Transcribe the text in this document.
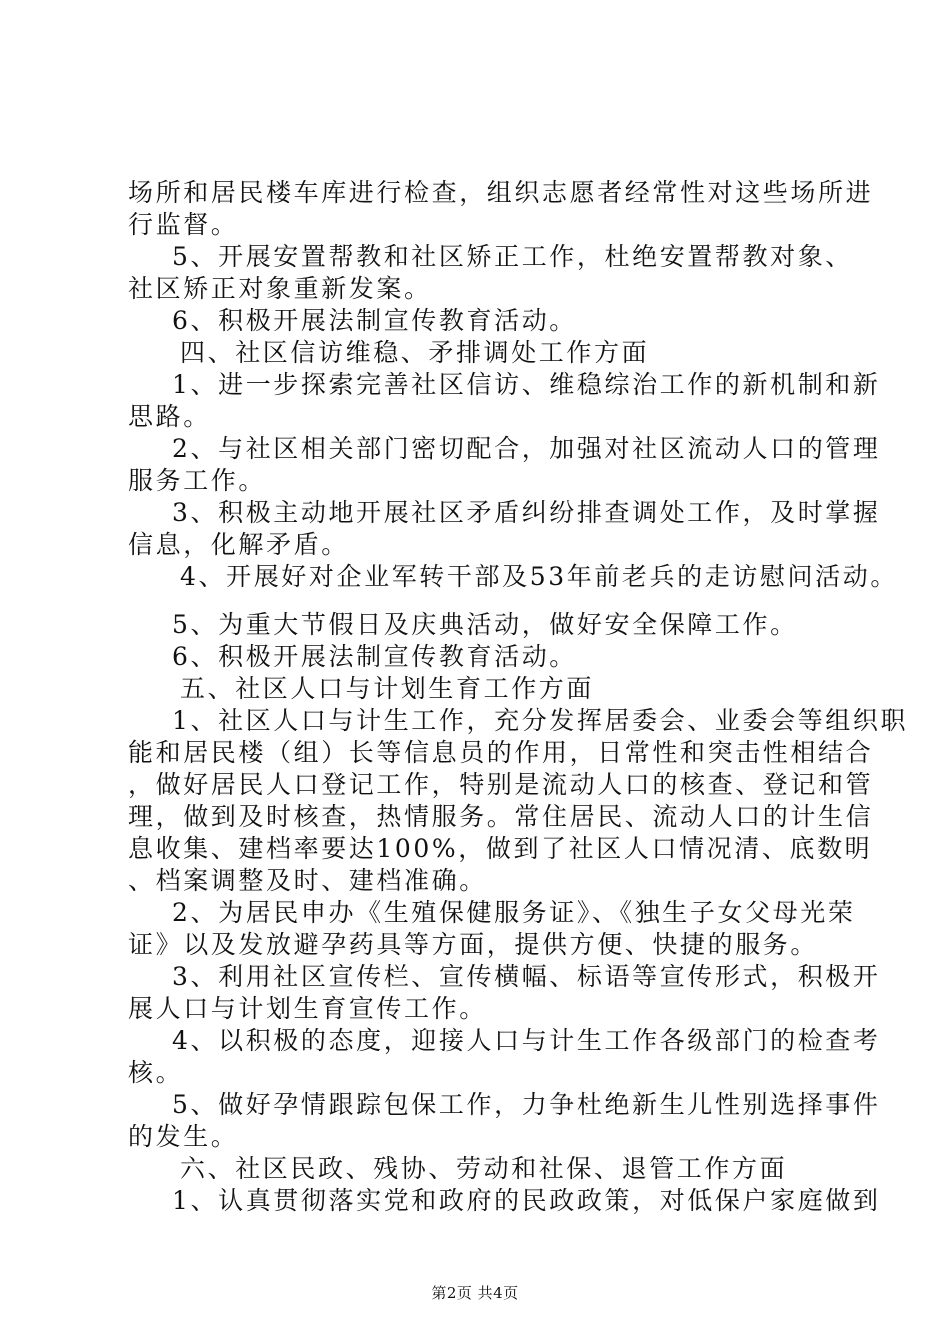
场所和居民楼车库进行检查，组织志愿者经常性对这些场所进
行监督。
5、开展安置帮教和社区矫正工作，杜绝安置帮教对象、
社区矫正对象重新发案。
6、积极开展法制宣传教育活动。
四、社区信访维稳、矛排调处工作方面
1、进一步探索完善社区信访、维稳综治工作的新机制和新
思路。
2、与社区相关部门密切配合，加强对社区流动人口的管理
服务工作。
3、积极主动地开展社区矛盾纠纷排查调处工作，及时掌握
信息，化解矛盾。
4、开展好对企业军转干部及53年前老兵的走访慰问活动。
5、为重大节假日及庆典活动，做好安全保障工作。
6、积极开展法制宣传教育活动。
五、社区人口与计划生育工作方面
1、社区人口与计生工作，充分发挥居委会、业委会等组织职
能和居民楼（组）长等信息员的作用，日常性和突击性相结合
，做好居民人口登记工作，特别是流动人口的核查、登记和管
理，做到及时核查，热情服务。常住居民、流动人口的计生信
息收集、建档率要达100%，做到了社区人口情况清、底数明
、档案调整及时、建档准确。
2、为居民申办《生殖保健服务证》、《独生子女父母光荣
证》以及发放避孕药具等方面，提供方便、快捷的服务。
3、利用社区宣传栏、宣传横幅、标语等宣传形式，积极开
展人口与计划生育宣传工作。
4、以积极的态度，迎接人口与计生工作各级部门的检查考
核。
5、做好孕情跟踪包保工作，力争杜绝新生儿性别选择事件
的发生。
六、社区民政、残协、劳动和社保、退管工作方面
1、认真贯彻落实党和政府的民政政策，对低保户家庭做到
第2页 共4页
